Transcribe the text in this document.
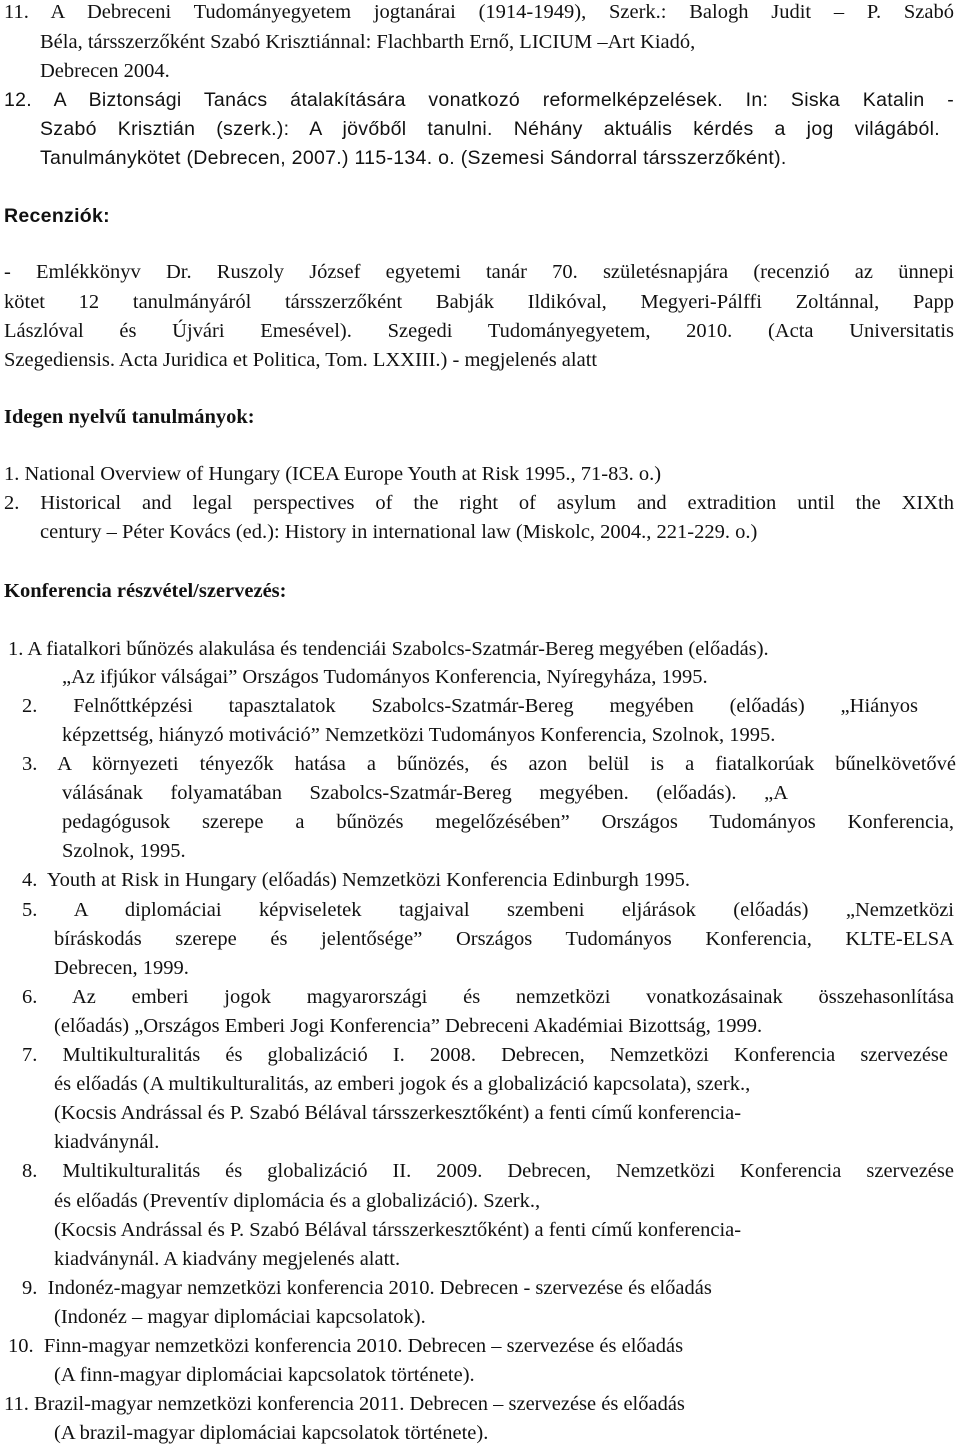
11. A Debreceni Tudományegyetem jogtanárai (1914-1949), Szerk.: Balogh Judit – P. Szabó
Béla, társszerzőként Szabó Krisztiánnal: Flachbarth Ernő, LICIUM –Art Kiadó,
Debrecen 2004.
12. A Biztonsági Tanács átalakítására vonatkozó reformelképzelések. In: Siska Katalin -
Szabó Krisztián (szerk.): A jövőből tanulni. Néhány aktuális kérdés a jog világából.
Tanulmánykötet (Debrecen, 2007.) 115-134. o. (Szemesi Sándorral társszerzőként).
Recenziók:
- Emlékkönyv Dr. Ruszoly József egyetemi tanár 70. születésnapjára (recenzió az ünnepi
kötet 12 tanulmányáról társszerzőként Babják Ildikóval, Megyeri-Pálffi Zoltánnal, Papp
Lászlóval és Újvári Emesével). Szegedi Tudományegyetem, 2010. (Acta Universitatis
Szegediensis. Acta Juridica et Politica, Tom. LXXIII.) - megjelenés alatt
Idegen nyelvű tanulmányok:
1. National Overview of Hungary (ICEA Europe Youth at Risk 1995., 71-83. o.)
2. Historical and legal perspectives of the right of asylum and extradition until the XIXth
century – Péter Kovács (ed.): History in international law (Miskolc, 2004., 221-229. o.)
Konferencia részvétel/szervezés:
1. A fiatalkori bűnözés alakulása és tendenciái Szabolcs-Szatmár-Bereg megyében (előadás).
„Az ifjúkor válságai” Országos Tudományos Konferencia, Nyíregyháza, 1995.
2. Felnőttképzési tapasztalatok Szabolcs-Szatmár-Bereg megyében (előadás) „Hiányos
képzettség, hiányzó motiváció” Nemzetközi Tudományos Konferencia, Szolnok, 1995.
3. A környezeti tényezők hatása a bűnözés, és azon belül is a fiatalkorúak bűnelkövetővé
válásának folyamatában Szabolcs-Szatmár-Bereg megyében. (előadás). „A
pedagógusok szerepe a bűnözés megelőzésében” Országos Tudományos Konferencia,
Szolnok, 1995.
4.  Youth at Risk in Hungary (előadás) Nemzetközi Konferencia Edinburgh 1995.
5. A diplomáciai képviseletek tagjaival szembeni eljárások (előadás) „Nemzetközi
bíráskodás szerepe és jelentősége” Országos Tudományos Konferencia, KLTE-ELSA
Debrecen, 1999.
6. Az emberi jogok magyarországi és nemzetközi vonatkozásainak összehasonlítása
(előadás) „Országos Emberi Jogi Konferencia” Debreceni Akadémiai Bizottság, 1999.
7. Multikulturalitás és globalizáció I. 2008. Debrecen, Nemzetközi Konferencia szervezése
és előadás (A multikulturalitás, az emberi jogok és a globalizáció kapcsolata), szerk.,
(Kocsis Andrással és P. Szabó Bélával társszerkesztőként) a fenti című konferencia-
kiadványnál.
8. Multikulturalitás és globalizáció II. 2009. Debrecen, Nemzetközi Konferencia szervezése
és előadás (Preventív diplomácia és a globalizáció). Szerk.,
(Kocsis Andrással és P. Szabó Bélával társszerkesztőként) a fenti című konferencia-
kiadványnál. A kiadvány megjelenés alatt.
9.  Indonéz-magyar nemzetközi konferencia 2010. Debrecen - szervezése és előadás
(Indonéz – magyar diplomáciai kapcsolatok).
10.  Finn-magyar nemzetközi konferencia 2010. Debrecen – szervezése és előadás
(A finn-magyar diplomáciai kapcsolatok története).
11. Brazil-magyar nemzetközi konferencia 2011. Debrecen – szervezése és előadás
(A brazil-magyar diplomáciai kapcsolatok története).
